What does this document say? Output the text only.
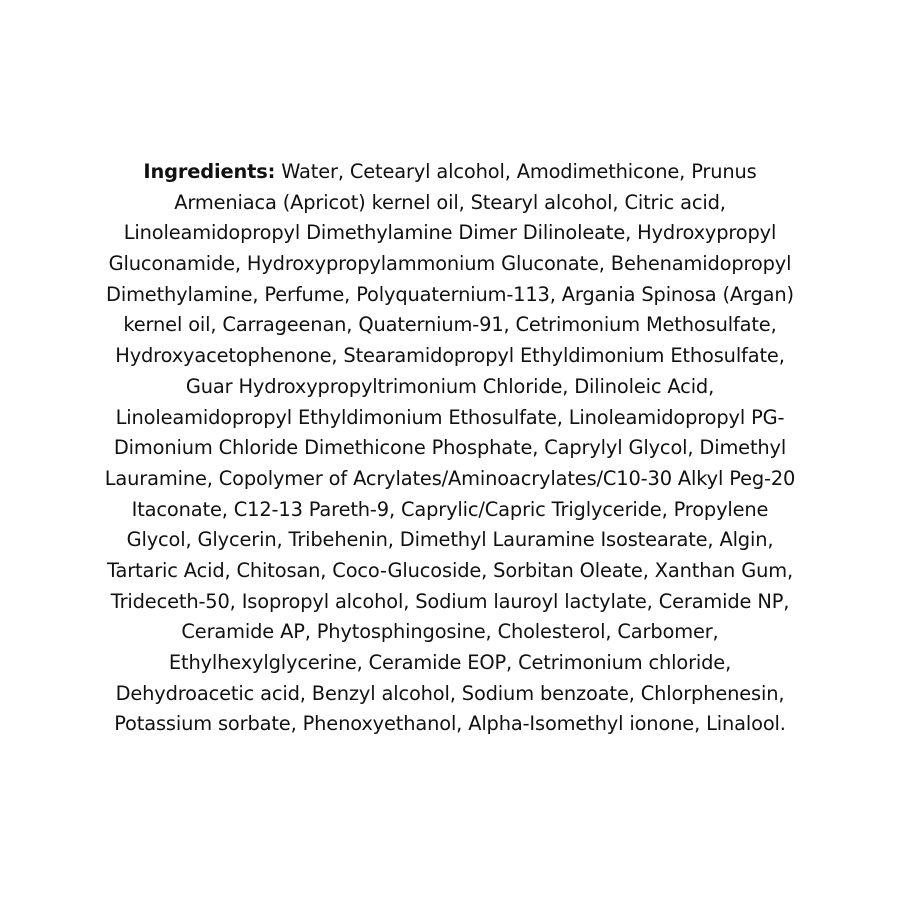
Ingredients: Water, Cetearyl alcohol, Amodimethicone, Prunus
Armeniaca (Apricot) kernel oil, Stearyl alcohol, Citric acid,
Linoleamidopropyl Dimethylamine Dimer Dilinoleate, Hydroxypropyl
Gluconamide, Hydroxypropylammonium Gluconate, Behenamidopropyl
Dimethylamine, Perfume, Polyquaternium-113, Argania Spinosa (Argan)
kernel oil, Carrageenan, Quaternium-91, Cetrimonium Methosulfate,
Hydroxyacetophenone, Stearamidopropyl Ethyldimonium Ethosulfate,
Guar Hydroxypropyltrimonium Chloride, Dilinoleic Acid,
Linoleamidopropyl Ethyldimonium Ethosulfate, Linoleamidopropyl PG-
Dimonium Chloride Dimethicone Phosphate, Caprylyl Glycol, Dimethyl
Lauramine, Copolymer of Acrylates/Aminoacrylates/C10-30 Alkyl Peg-20
Itaconate, C12-13 Pareth-9, Caprylic/Capric Triglyceride, Propylene
Glycol, Glycerin, Tribehenin, Dimethyl Lauramine Isostearate, Algin,
Tartaric Acid, Chitosan, Coco-Glucoside, Sorbitan Oleate, Xanthan Gum,
Trideceth-50, Isopropyl alcohol, Sodium lauroyl lactylate, Ceramide NP,
Ceramide AP, Phytosphingosine, Cholesterol, Carbomer,
Ethylhexylglycerine, Ceramide EOP, Cetrimonium chloride,
Dehydroacetic acid, Benzyl alcohol, Sodium benzoate, Chlorphenesin,
Potassium sorbate, Phenoxyethanol, Alpha-Isomethyl ionone, Linalool.
